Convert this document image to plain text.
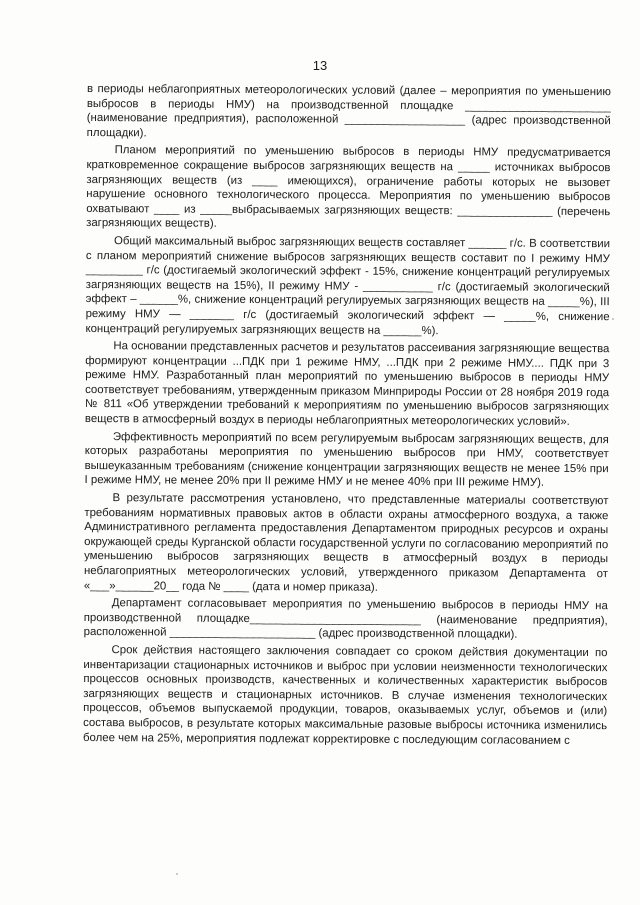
13

в периоды неблагоприятных метеорологических условий (далее – мероприятия по уменьшению выбросов в периоды НМУ) на производственной площадке _______________________ (наименование предприятия), расположенной ___________________ (адрес производственной площадки).

Планом мероприятий по уменьшению выбросов в периоды НМУ предусматривается кратковременное сокращение выбросов загрязняющих веществ на _____ источниках выбросов загрязняющих веществ (из ____ имеющихся), ограничение работы которых не вызовет нарушение основного технологического процесса. Мероприятия по уменьшению выбросов охватывают ____ из _____выбрасываемых загрязняющих веществ: _______________ (перечень загрязняющих веществ).

Общий максимальный выброс загрязняющих веществ составляет ______ г/с. В соответствии с планом мероприятий снижение выбросов загрязняющих веществ составит по I режиму НМУ _________ г/с (достигаемый экологический эффект - 15%, снижение концентраций регулируемых загрязняющих веществ на 15%), II режиму НМУ - ___________ г/с (достигаемый экологический эффект – ______%, снижение концентраций регулируемых загрязняющих веществ на _____%), III режиму НМУ — _______ г/с (достигаемый экологический эффект — _____%, снижение концентраций регулируемых загрязняющих веществ на ______%).

На основании представленных расчетов и результатов рассеивания загрязняющие вещества формируют концентрации ...ПДК при 1 режиме НМУ, ...ПДК при 2 режиме НМУ.... ПДК при 3 режиме НМУ. Разработанный план мероприятий по уменьшению выбросов в периоды НМУ соответствует требованиям, утвержденным приказом Минприроды России от 28 ноября 2019 года № 811 «Об утверждении требований к мероприятиям по уменьшению выбросов загрязняющих веществ в атмосферный воздух в периоды неблагоприятных метеорологических условий».

Эффективность мероприятий по всем регулируемым выбросам загрязняющих веществ, для которых разработаны мероприятия по уменьшению выбросов при НМУ, соответствует вышеуказанным требованиям (снижение концентрации загрязняющих веществ не менее 15% при I режиме НМУ, не менее 20% при II режиме НМУ и не менее 40% при III режиме НМУ).

В результате рассмотрения установлено, что представленные материалы соответствуют требованиям нормативных правовых актов в области охраны атмосферного воздуха, а также Административного регламента предоставления Департаментом природных ресурсов и охраны окружающей среды Курганской области государственной услуги по согласованию мероприятий по уменьшению выбросов загрязняющих веществ в атмосферный воздух в периоды неблагоприятных метеорологических условий, утвержденного приказом Департамента от «___»______20__ года № ____ (дата и номер приказа).

Департамент согласовывает мероприятия по уменьшению выбросов в периоды НМУ на производственной площадке___________________________ (наименование предприятия), расположенной _______________________ (адрес производственной площадки).

Срок действия настоящего заключения совпадает со сроком действия документации по инвентаризации стационарных источников и выброс при условии неизменности технологических процессов основных производств, качественных и количественных характеристик выбросов загрязняющих веществ и стационарных источников. В случае изменения технологических процессов, объемов выпускаемой продукции, товаров, оказываемых услуг, объемов и (или) состава выбросов, в результате которых максимальные разовые выбросы источника изменились более чем на 25%, мероприятия подлежат корректировке с последующим согласованием с
